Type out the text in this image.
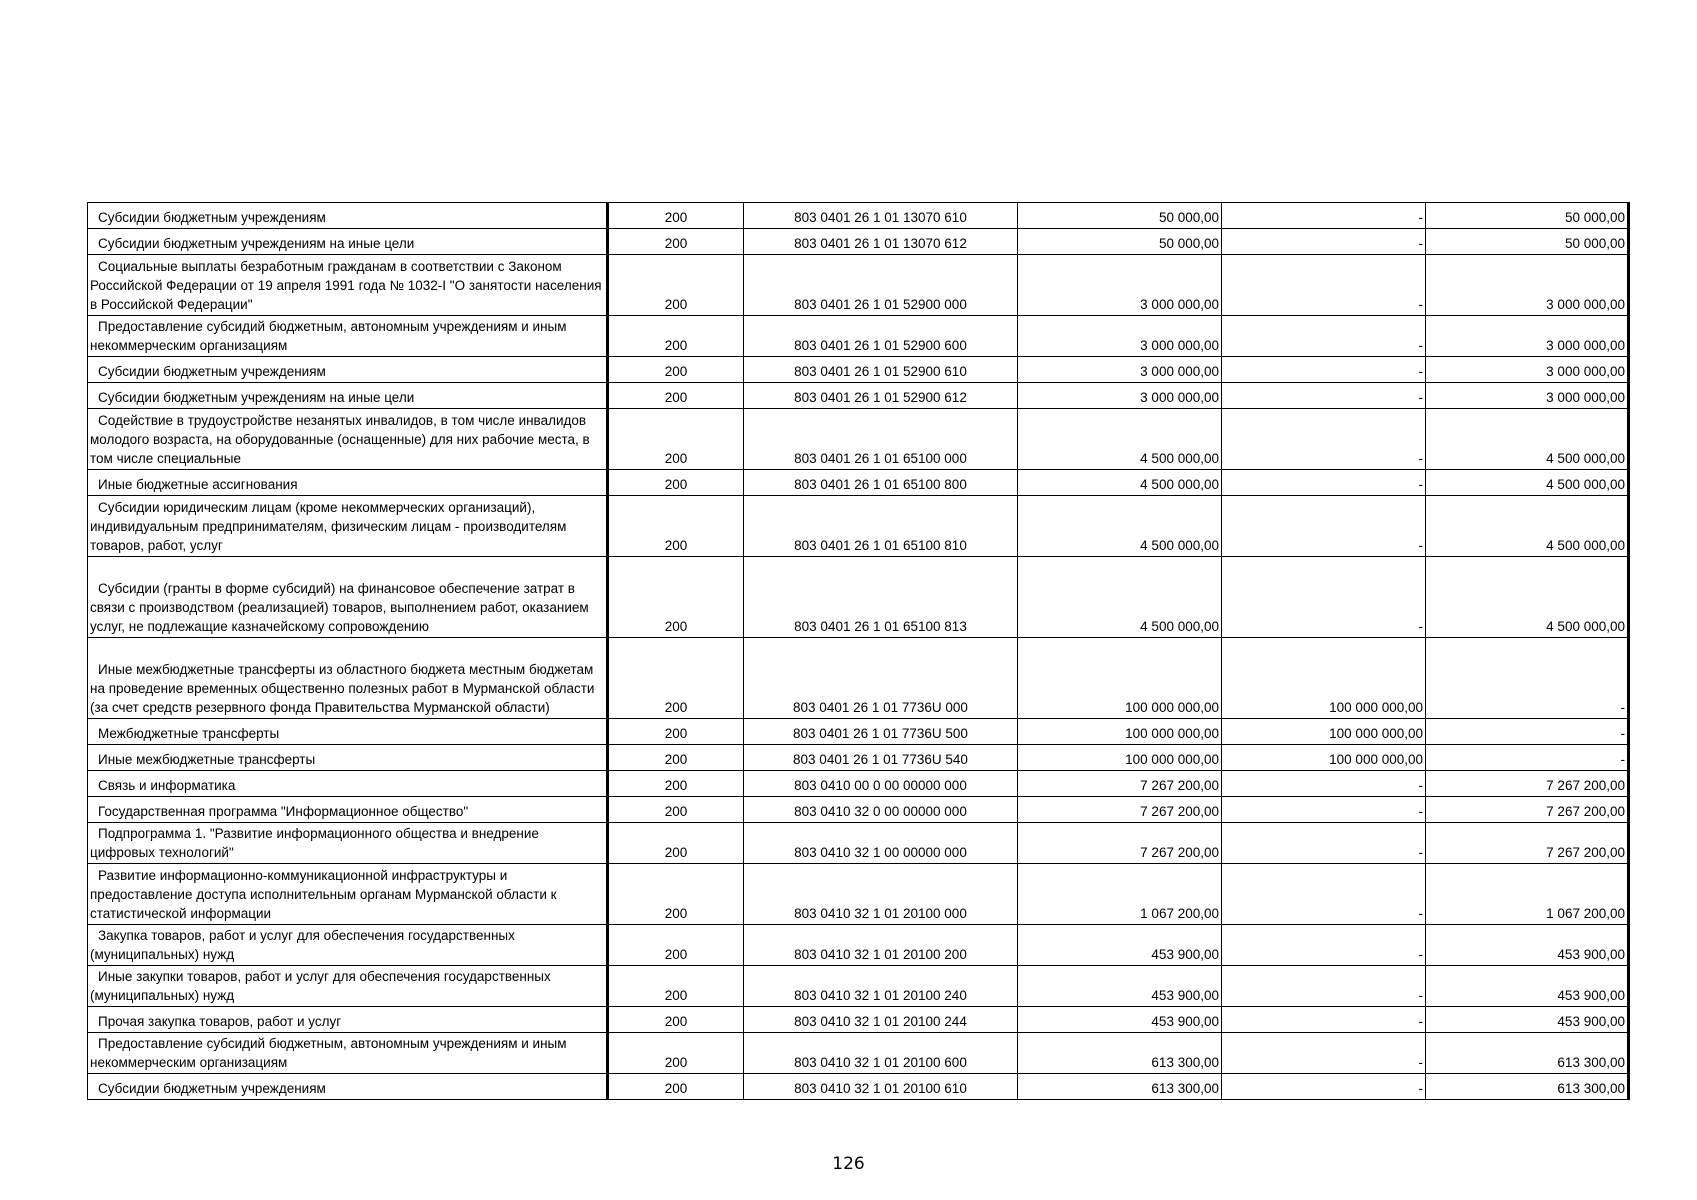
Субсидии бюджетным учреждениям	200	803 0401 26 1 01 13070 610	50 000,00	-	50 000,00
Субсидии бюджетным учреждениям на иные цели	200	803 0401 26 1 01 13070 612	50 000,00	-	50 000,00
Социальные выплаты безработным гражданам в соответствии с Законом Российской Федерации от 19 апреля 1991 года № 1032-I "О занятости населения в Российской Федерации"	200	803 0401 26 1 01 52900 000	3 000 000,00	-	3 000 000,00
Предоставление субсидий бюджетным, автономным учреждениям и иным некоммерческим организациям	200	803 0401 26 1 01 52900 600	3 000 000,00	-	3 000 000,00
Субсидии бюджетным учреждениям	200	803 0401 26 1 01 52900 610	3 000 000,00	-	3 000 000,00
Субсидии бюджетным учреждениям на иные цели	200	803 0401 26 1 01 52900 612	3 000 000,00	-	3 000 000,00
Содействие в трудоустройстве незанятых инвалидов, в том числе инвалидов молодого возраста, на оборудованные (оснащенные) для них рабочие места, в том числе специальные	200	803 0401 26 1 01 65100 000	4 500 000,00	-	4 500 000,00
Иные бюджетные ассигнования	200	803 0401 26 1 01 65100 800	4 500 000,00	-	4 500 000,00
Субсидии юридическим лицам (кроме некоммерческих организаций), индивидуальным предпринимателям, физическим лицам - производителям товаров, работ, услуг	200	803 0401 26 1 01 65100 810	4 500 000,00	-	4 500 000,00
Субсидии (гранты в форме субсидий) на финансовое обеспечение затрат в связи с производством (реализацией) товаров, выполнением работ, оказанием услуг, не подлежащие казначейскому сопровождению	200	803 0401 26 1 01 65100 813	4 500 000,00	-	4 500 000,00
Иные межбюджетные трансферты из областного бюджета местным бюджетам на проведение временных общественно полезных работ в Мурманской области (за счет средств резервного фонда Правительства Мурманской области)	200	803 0401 26 1 01 7736U 000	100 000 000,00	100 000 000,00	-
Межбюджетные трансферты	200	803 0401 26 1 01 7736U 500	100 000 000,00	100 000 000,00	-
Иные межбюджетные трансферты	200	803 0401 26 1 01 7736U 540	100 000 000,00	100 000 000,00	-
Связь и информатика	200	803 0410 00 0 00 00000 000	7 267 200,00	-	7 267 200,00
Государственная программа "Информационное общество"	200	803 0410 32 0 00 00000 000	7 267 200,00	-	7 267 200,00
Подпрограмма 1. "Развитие информационного общества и внедрение цифровых технологий"	200	803 0410 32 1 00 00000 000	7 267 200,00	-	7 267 200,00
Развитие информационно-коммуникационной инфраструктуры и предоставление доступа исполнительным органам Мурманской области к статистической информации	200	803 0410 32 1 01 20100 000	1 067 200,00	-	1 067 200,00
Закупка товаров, работ и услуг для обеспечения государственных (муниципальных) нужд	200	803 0410 32 1 01 20100 200	453 900,00	-	453 900,00
Иные закупки товаров, работ и услуг для обеспечения государственных (муниципальных) нужд	200	803 0410 32 1 01 20100 240	453 900,00	-	453 900,00
Прочая закупка товаров, работ и услуг	200	803 0410 32 1 01 20100 244	453 900,00	-	453 900,00
Предоставление субсидий бюджетным, автономным учреждениям и иным некоммерческим организациям	200	803 0410 32 1 01 20100 600	613 300,00	-	613 300,00
Субсидии бюджетным учреждениям	200	803 0410 32 1 01 20100 610	613 300,00	-	613 300,00
126
